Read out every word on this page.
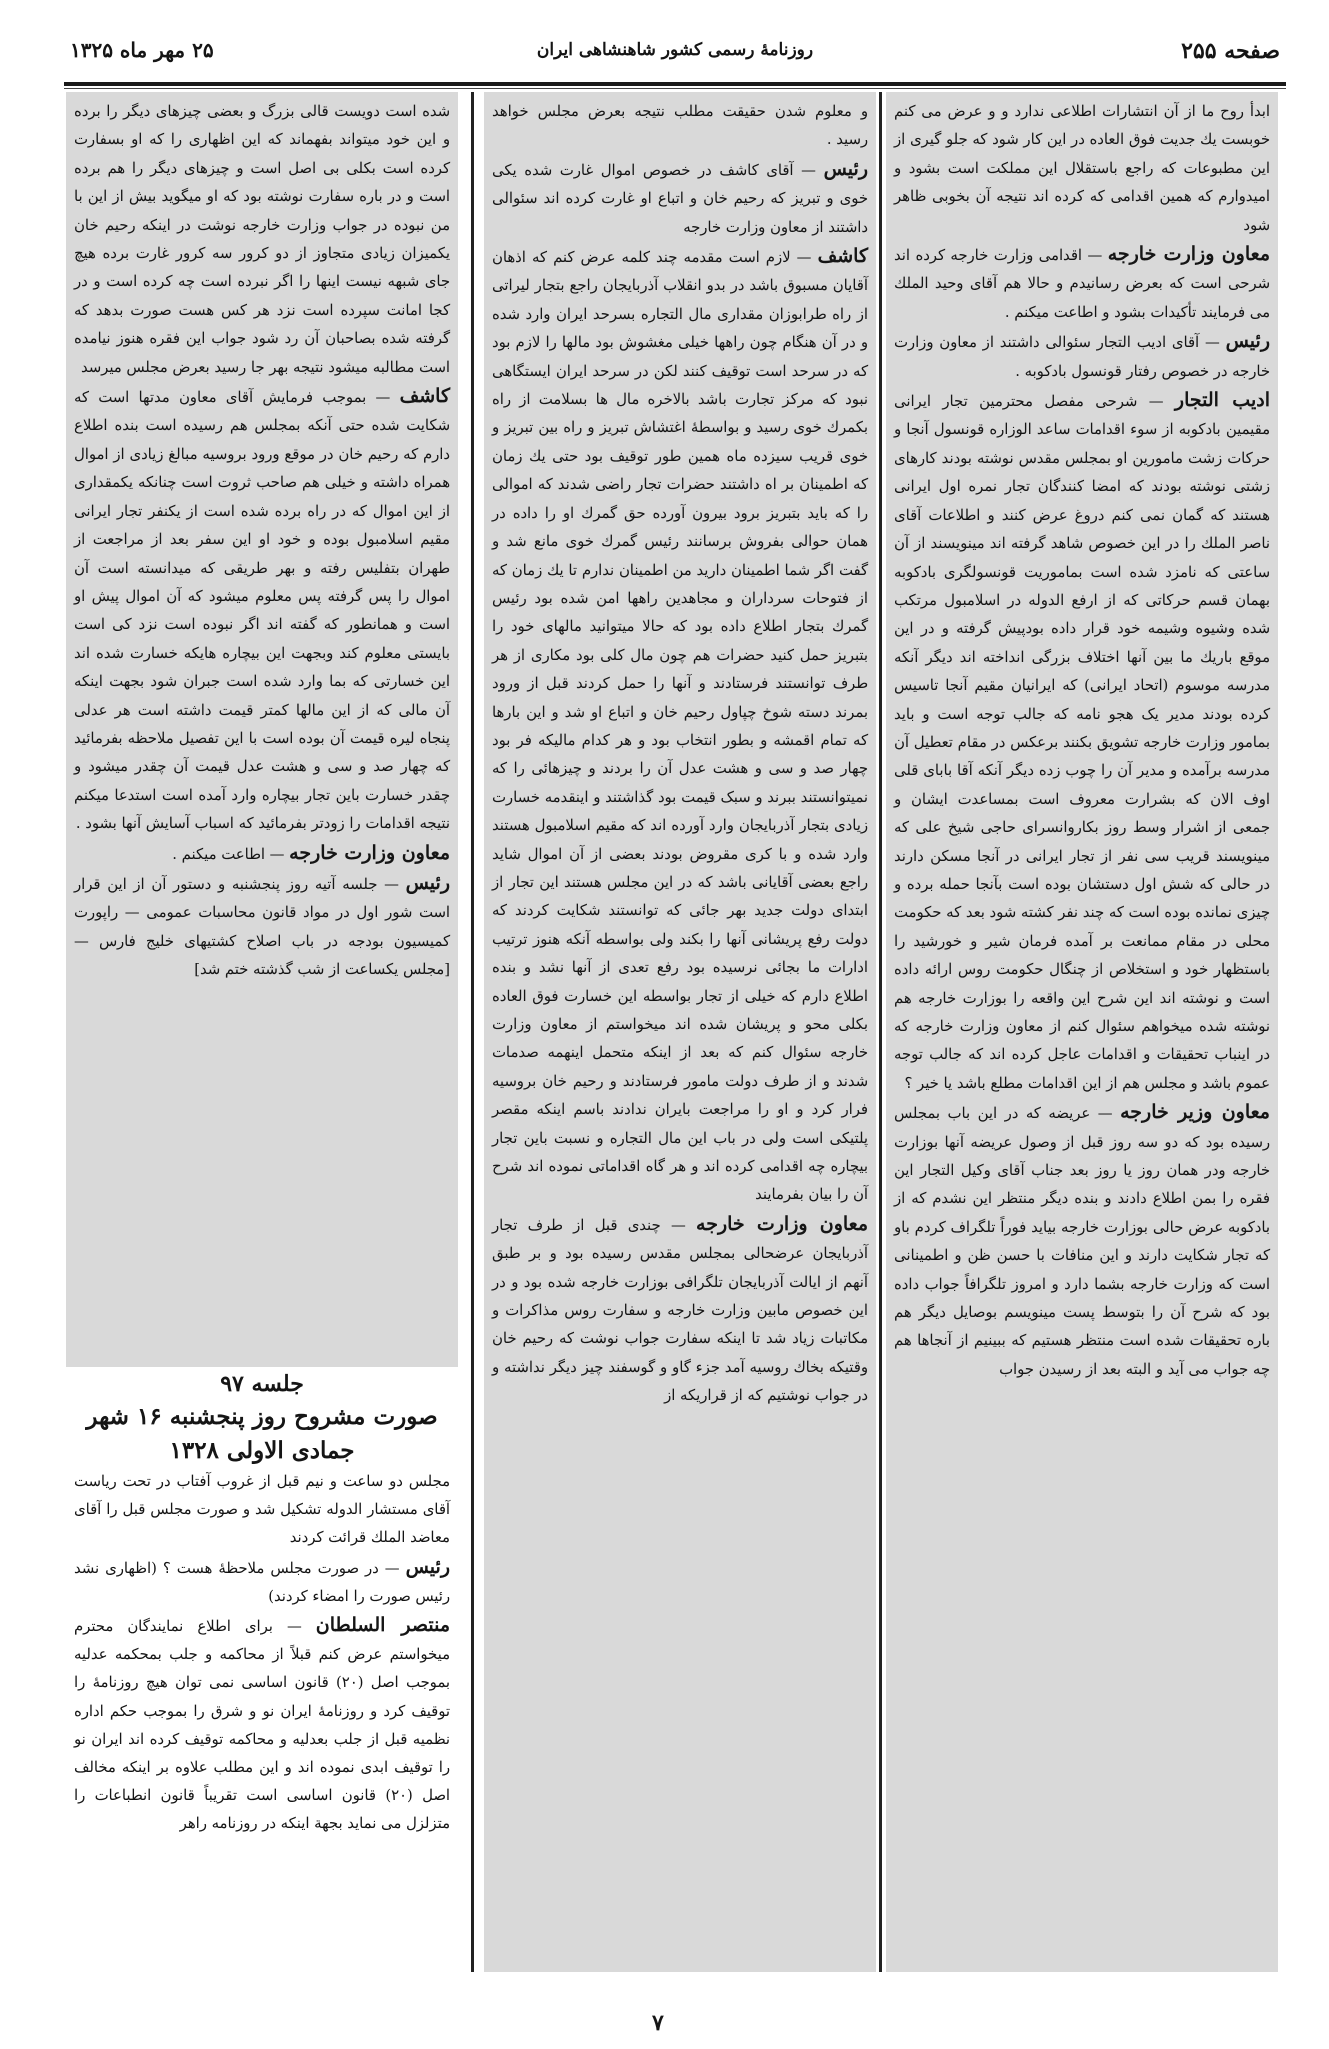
صفحه ۲۵۵
روزنامهٔ رسمی کشور شاهنشاهی ایران
۲۵ مهر ماه ۱۳۲۵

ابدأ روح ما از آن انتشارات اطلاعی ندارد و و عرض می کنم خوبست یك جدیت فوق العاده در این کار شود که جلو گیری از این مطبوعات که راجع باستقلال این مملکت است بشود و امیدوارم که همین اقدامی که کرده اند نتیجه آن بخوبی ظاهر شود

معاون وزارت خارجه — اقدامی وزارت خارجه کرده اند شرحی است که بعرض رسانیدم و حالا هم آقای وحید الملك می فرمایند تأکیدات بشود و اطاعت میکنم .

رئیس — آقای ادیب التجار سئوالی داشتند از معاون وزارت خارجه در خصوص رفتار قونسول بادکوبه .

ادیب التجار — شرحی مفصل محترمین تجار ایرانی مقیمین بادکوبه از سوء اقدامات ساعد الوزاره قونسول آنجا و حرکات زشت مامورین او بمجلس مقدس نوشته بودند کارهای زشتی نوشته بودند که امضا کنندگان تجار نمره اول ایرانی هستند که گمان نمی کنم دروغ عرض کنند و اطلاعات آقای ناصر الملك را در این خصوص شاهد گرفته اند مینویسند از آن ساعتی که نامزد شده است بماموریت قونسولگری بادکوبه بهمان قسم حرکاتی که از ارفع الدوله در اسلامبول مرتکب شده وشیوه وشیمه خود قرار داده بودپیش گرفته و در این موقع باریك ما بین آنها اختلاف بزرگی انداخته اند دیگر آنکه مدرسه موسوم (اتحاد ایرانی) که ایرانیان مقیم آنجا تاسیس کرده بودند مدیر یک هجو نامه که جالب توجه است و باید بمامور وزارت خارجه تشویق بکنند برعکس در مقام تعطیل آن مدرسه برآمده و مدیر آن را چوب زده دیگر آنکه آقا بابای قلی اوف الان که بشرارت معروف است بمساعدت ایشان و جمعی از اشرار وسط روز بکاروانسرای حاجی شیخ علی که مینویسند قریب سی نفر از تجار ایرانی در آنجا مسکن دارند در حالی که شش اول دستشان بوده است بآنجا حمله برده و چیزی نمانده بوده است که چند نفر کشته شود بعد که حکومت محلی در مقام ممانعت بر آمده فرمان شیر و خورشید را باستظهار خود و استخلاص از چنگال حکومت روس ارائه داده است و نوشته اند این شرح این واقعه را بوزارت خارجه هم نوشته شده میخواهم سئوال کنم از معاون وزارت خارجه که در اینباب تحقیقات و اقدامات عاجل کرده اند که جالب توجه عموم باشد و مجلس هم از این اقدامات مطلع باشد یا خیر ؟

معاون وزیر خارجه — عریضه که در این باب بمجلس رسیده بود که دو سه روز قبل از وصول عریضه آنها بوزارت خارجه ودر همان روز یا روز بعد جناب آقای وکیل التجار این فقره را بمن اطلاع دادند و بنده دیگر منتظر این نشدم که از بادکوبه عرض حالی بوزارت خارجه بیاید فوراً تلگراف کردم باو که تجار شکایت دارند و این منافات با حسن ظن و اطمینانی است که وزارت خارجه بشما دارد و امروز تلگرافاً جواب داده بود که شرح آن را بتوسط پست مینویسم بوصایل دیگر هم باره تحقیقات شده است منتظر هستیم که ببینیم از آنجاها هم چه جواب می آید و البته بعد از رسیدن جواب

و معلوم شدن حقیقت مطلب نتیجه بعرض مجلس خواهد رسید .

رئیس — آقای کاشف در خصوص اموال غارت شده یکی خوی و تبریز که رحیم خان و اتباع او غارت کرده اند سئوالی داشتند از معاون وزارت خارجه

کاشف — لازم است مقدمه چند کلمه عرض کنم که اذهان آقایان مسبوق باشد در بدو انقلاب آذربایجان راجع بتجار لیراتی از راه طرابوزان مقداری مال التجاره بسرحد ایران وارد شده و در آن هنگام چون راهها خیلی مغشوش بود مالها را لازم بود که در سرحد است توقیف کنند لکن در سرحد ایران ایستگاهی نبود که مرکز تجارت باشد بالاخره مال ها بسلامت از راه بکمرك خوی رسید و بواسطهٔ اغتشاش تبریز و راه بین تبریز و خوی قریب سیزده ماه همین طور توقیف بود حتی یك زمان که اطمینان بر اه داشتند حضرات تجار راضی شدند که اموالی را که باید بتبریز برود بیرون آورده حق گمرك او را داده در همان حوالی بفروش برسانند رئیس گمرك خوی مانع شد و گفت اگر شما اطمینان دارید من اطمینان ندارم تا یك زمان که از فتوحات سرداران و مجاهدین راهها امن شده بود رئیس گمرك بتجار اطلاع داده بود که حالا میتوانید مالهای خود را بتبریز حمل کنید حضرات هم چون مال کلی بود مکاری از هر طرف توانستند فرستادند و آنها را حمل کردند قبل از ورود بمرند دسته شوخ چپاول رحیم خان و اتباع او شد و این بارها که تمام اقمشه و بطور انتخاب بود و هر کدام مالیکه فر بود چهار صد و سی و هشت عدل آن را بردند و چیزهائی را که نمیتوانستند ببرند و سبک قیمت بود گذاشتند و اینقدمه خسارت زیادی بتجار آذربایجان وارد آورده اند که مقیم اسلامبول هستند وارد شده و با کری مقروض بودند بعضی از آن اموال شاید راجع بعضی آقایانی باشد که در این مجلس هستند این تجار از ابتدای دولت جدید بهر جائی که توانستند شکایت کردند که دولت رفع پریشانی آنها را بکند ولی بواسطه آنکه هنوز ترتیب ادارات ما بجائی نرسیده بود رفع تعدی از آنها نشد و بنده اطلاع دارم که خیلی از تجار بواسطه این خسارت فوق العاده بکلی محو و پریشان شده اند میخواستم از معاون وزارت خارجه سئوال کنم که بعد از اینکه متحمل اینهمه صدمات شدند و از طرف دولت مامور فرستادند و رحیم خان بروسیه فرار کرد و او را مراجعت بایران ندادند باسم اینکه مقصر پلتیکی است ولی در باب این مال التجاره و نسبت باین تجار بیچاره چه اقدامی کرده اند و هر گاه اقداماتی نموده اند شرح آن را بیان بفرمایند

معاون وزارت خارجه — چندی قبل از طرف تجار آذربایجان عرضحالی بمجلس مقدس رسیده بود و بر طبق آنهم از ایالت آذربایجان تلگرافی بوزارت خارجه شده بود و در این خصوص مابین وزارت خارجه و سفارت روس مذاکرات و مکاتبات زیاد شد تا اینکه سفارت جواب نوشت که رحیم خان وقتیکه بخاك روسیه آمد جزء گاو و گوسفند چیز دیگر نداشته و در جواب نوشتیم که از قراریکه از

شده است دویست قالی بزرگ و بعضی چیزهای دیگر را برده و این خود میتواند بفهماند که این اظهاری را که او بسفارت کرده است بکلی بی اصل است و چیزهای دیگر را هم برده است و در باره سفارت نوشته بود که او میگوید بیش از این با من نبوده در جواب وزارت خارجه نوشت در اینکه رحیم خان یکمیزان زیادی متجاوز از دو کرور سه کرور غارت برده هیچ جای شبهه نیست اینها را اگر نبرده است چه کرده است و در کجا امانت سپرده است نزد هر کس هست صورت بدهد که گرفته شده بصاحبان آن رد شود جواب این فقره هنوز نیامده است مطالبه میشود نتیجه بهر جا رسید بعرض مجلس میرسد

کاشف — بموجب فرمایش آقای معاون مدتها است که شکایت شده حتی آنکه بمجلس هم رسیده است بنده اطلاع دارم که رحیم خان در موقع ورود بروسیه مبالغ زیادی از اموال همراه داشته و خیلی هم صاحب ثروت است چنانکه یکمقداری از این اموال که در راه برده شده است از یکنفر تجار ایرانی مقیم اسلامبول بوده و خود او این سفر بعد از مراجعت از طهران بتفلیس رفته و بهر طریقی که میدانسته است آن اموال را پس گرفته پس معلوم میشود که آن اموال پیش او است و همانطور که گفته اند اگر نبوده است نزد کی است بایستی معلوم کند وبجهت این بیچاره هایکه خسارت شده اند این خسارتی که بما وارد شده است جبران شود بجهت اینکه آن مالی که از این مالها کمتر قیمت داشته است هر عدلی پنجاه لیره قیمت آن بوده است با این تفصیل ملاحظه بفرمائید که چهار صد و سی و هشت عدل قیمت آن چقدر میشود و چقدر خسارت باین تجار بیچاره وارد آمده است استدعا میکنم نتیجه اقدامات را زودتر بفرمائید که اسباب آسایش آنها بشود .

معاون وزارت خارجه — اطاعت میکنم .

رئیس — جلسه آتیه روز پنجشنبه و دستور آن از این قرار است شور اول در مواد قانون محاسبات عمومی — راپورت کمیسیون بودجه در باب اصلاح کشتیهای خلیج فارس — [مجلس یکساعت از شب گذشته ختم شد]

جلسه ۹۷

صورت مشروح روز پنجشنبه ۱۶ شهر جمادی الاولی ۱۳۲۸

مجلس دو ساعت و نیم قبل از غروب آفتاب در تحت ریاست آقای مستشار الدوله تشکیل شد و صورت مجلس قبل را آقای معاضد الملك قرائت کردند

رئیس — در صورت مجلس ملاحظهٔ هست ؟ (اظهاری نشد رئیس صورت را امضاء کردند)

منتصر السلطان — برای اطلاع نمایندگان محترم میخواستم عرض کنم قبلاً از محاکمه و جلب بمحکمه عدلیه بموجب اصل (۲۰) قانون اساسی نمی توان هیچ روزنامهٔ را توقیف کرد و روزنامهٔ ایران نو و شرق را بموجب حکم اداره نظمیه قبل از جلب بعدلیه و محاکمه توقیف کرده اند ایران نو را توقیف ابدی نموده اند و این مطلب علاوه بر اینکه مخالف اصل (۲۰) قانون اساسی است تقریباً قانون انطباعات را متزلزل می نماید بجهة اینکه در روزنامه راهر

۷
